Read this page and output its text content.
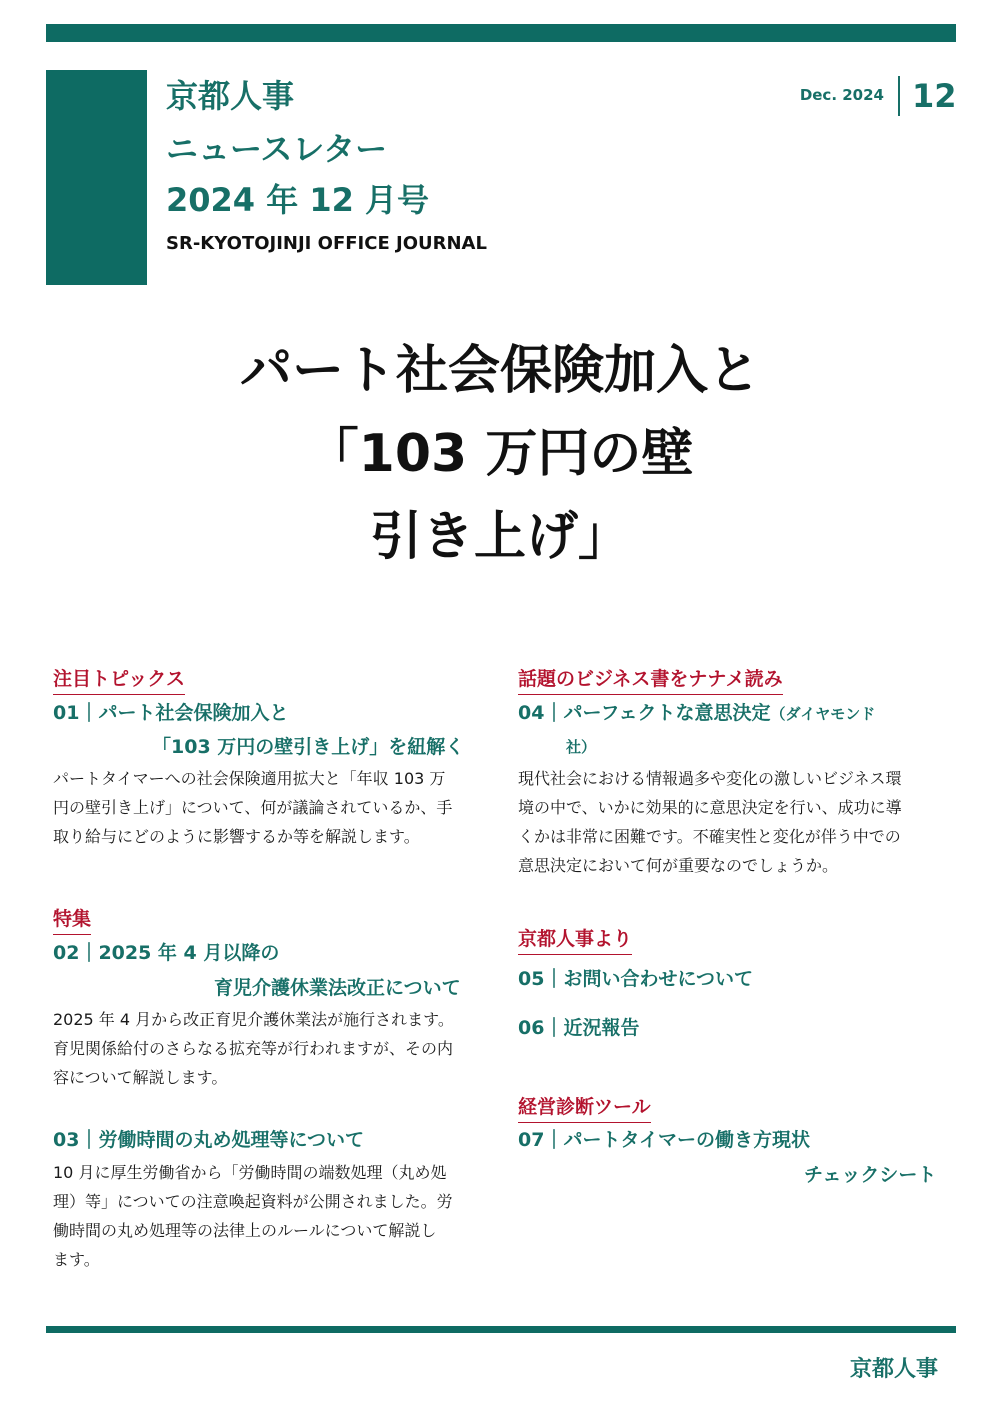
京都人事
ニュースレター
2024 年 12 月号
SR-KYOTOJINJI OFFICE JOURNAL
Dec. 2024 12
パート社会保険加入と
「103 万円の壁
引き上げ」
注目トピックス
01｜パート社会保険加入と
「103 万円の壁引き上げ」を紐解く

パートタイマーへの社会保険適用拡大と「年収 103 万

円の壁引き上げ」について、何が議論されているか、手

取り給与にどのように影響するか等を解説します。

特集
02｜2025 年 4 月以降の
育児介護休業法改正について

2025 年 4 月から改正育児介護休業法が施行されます。

育児関係給付のさらなる拡充等が行われますが、その内

容について解説します。

03｜労働時間の丸め処理等について

10 月に厚生労働省から「労働時間の端数処理（丸め処

理）等」についての注意喚起資料が公開されました。労

働時間の丸め処理等の法律上のルールについて解説し

ます。

話題のビジネス書をナナメ読み
04｜パーフェクトな意思決定（ダイヤモンド
社）

現代社会における情報過多や変化の激しいビジネス環

境の中で、いかに効果的に意思決定を行い、成功に導

くかは非常に困難です。不確実性と変化が伴う中での

意思決定において何が重要なのでしょうか。

京都人事より
05｜お問い合わせについて
06｜近況報告
経営診断ツール
07｜パートタイマーの働き方現状
チェックシート
京都人事
